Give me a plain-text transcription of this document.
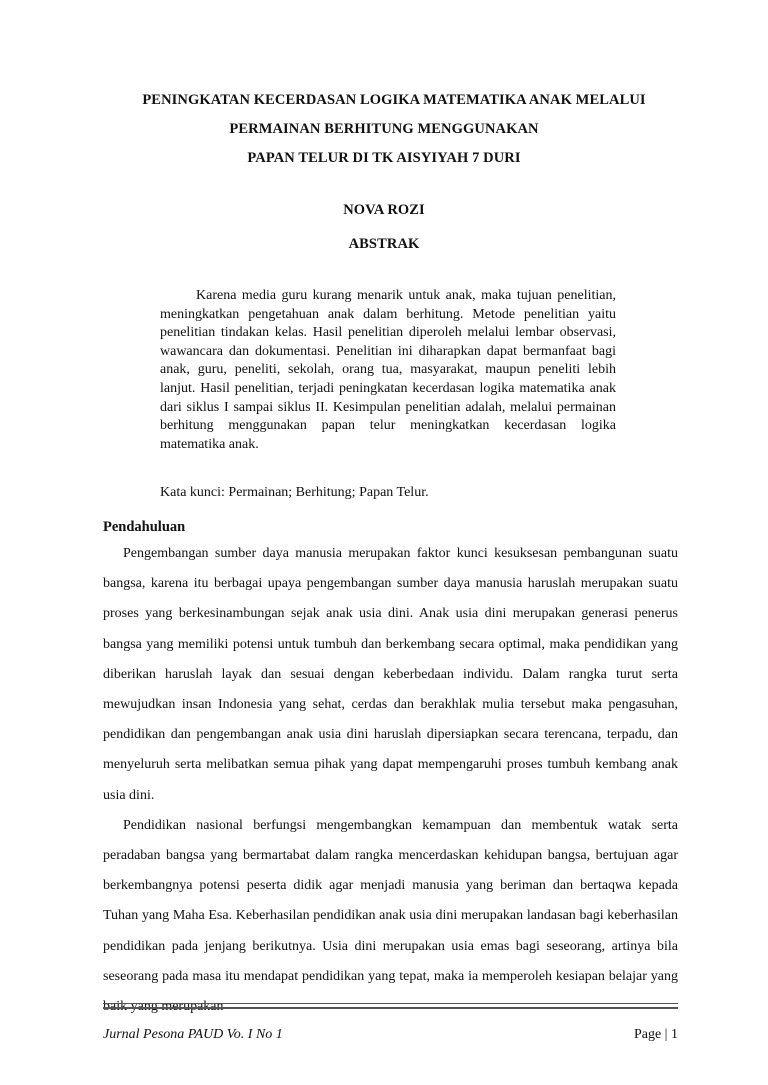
PENINGKATAN KECERDASAN LOGIKA MATEMATIKA ANAK MELALUI
PERMAINAN BERHITUNG MENGGUNAKAN
PAPAN TELUR DI TK AISYIYAH 7 DURI
NOVA ROZI
ABSTRAK

Karena media guru kurang menarik untuk anak, maka tujuan penelitian, meningkatkan pengetahuan anak dalam berhitung. Metode penelitian yaitu penelitian tindakan kelas. Hasil penelitian diperoleh melalui lembar observasi, wawancara dan dokumentasi. Penelitian ini diharapkan dapat bermanfaat bagi anak, guru, peneliti, sekolah, orang tua, masyarakat, maupun peneliti lebih lanjut. Hasil penelitian, terjadi peningkatan kecerdasan logika matematika anak dari siklus I sampai siklus II. Kesimpulan penelitian adalah, melalui permainan berhitung menggunakan papan telur meningkatkan kecerdasan logika matematika anak.

Kata kunci: Permainan; Berhitung; Papan Telur.
Pendahuluan

Pengembangan sumber daya manusia merupakan faktor kunci kesuksesan pembangunan suatu bangsa, karena itu berbagai upaya pengembangan sumber daya manusia haruslah merupakan suatu proses yang berkesinambungan sejak anak usia dini. Anak usia dini merupakan generasi penerus bangsa yang memiliki potensi untuk tumbuh dan berkembang secara optimal, maka pendidikan yang diberikan haruslah layak dan sesuai dengan keberbedaan individu. Dalam rangka turut serta mewujudkan insan Indonesia yang sehat, cerdas dan berakhlak mulia tersebut maka pengasuhan, pendidikan dan pengembangan anak usia dini haruslah dipersiapkan secara terencana, terpadu, dan menyeluruh serta melibatkan semua pihak yang dapat mempengaruhi proses tumbuh kembang anak usia dini.

Pendidikan nasional berfungsi mengembangkan kemampuan dan membentuk watak serta peradaban bangsa yang bermartabat dalam rangka mencerdaskan kehidupan bangsa, bertujuan agar berkembangnya potensi peserta didik agar menjadi manusia yang beriman dan bertaqwa kepada Tuhan yang Maha Esa. Keberhasilan pendidikan anak usia dini merupakan landasan bagi keberhasilan pendidikan pada jenjang berikutnya. Usia dini merupakan usia emas bagi seseorang, artinya bila seseorang pada masa itu mendapat pendidikan yang tepat, maka ia memperoleh kesiapan belajar yang baik yang merupakan

Jurnal Pesona PAUD Vo. I No 1	Page | 1
